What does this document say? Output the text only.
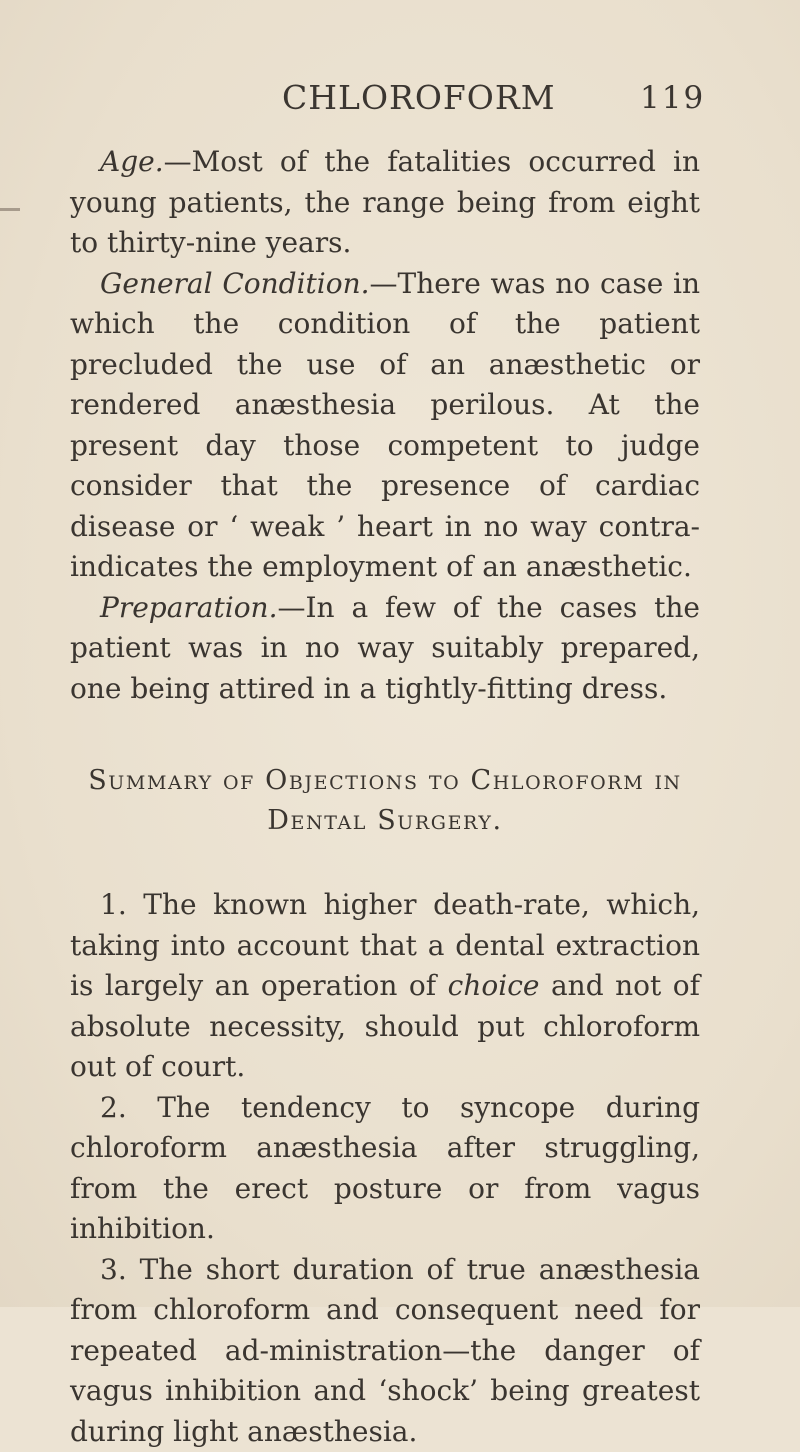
CHLOROFORM	119

Age.—Most of the fatalities occurred in young patients, the range being from eight to thirty-nine years.

General Condition.—There was no case in which the condition of the patient precluded the use of an anæsthetic or rendered anæsthesia perilous. At the present day those competent to judge consider that the presence of cardiac disease or ‘ weak ’ heart in no way contra-indicates the employment of an anæsthetic.

Preparation.—In a few of the cases the patient was in no way suitably prepared, one being attired in a tightly-fitting dress.

Summary of Objections to Chloroform in Dental Surgery.

1. The known higher death-rate, which, taking into account that a dental extraction is largely an operation of choice and not of absolute necessity, should put chloroform out of court.

2. The tendency to syncope during chloroform anæsthesia after struggling, from the erect posture or from vagus inhibition.

3. The short duration of true anæsthesia from chloroform and consequent need for repeated ad-ministration—the danger of vagus inhibition and ‘shock’ being greatest during light anæsthesia.
